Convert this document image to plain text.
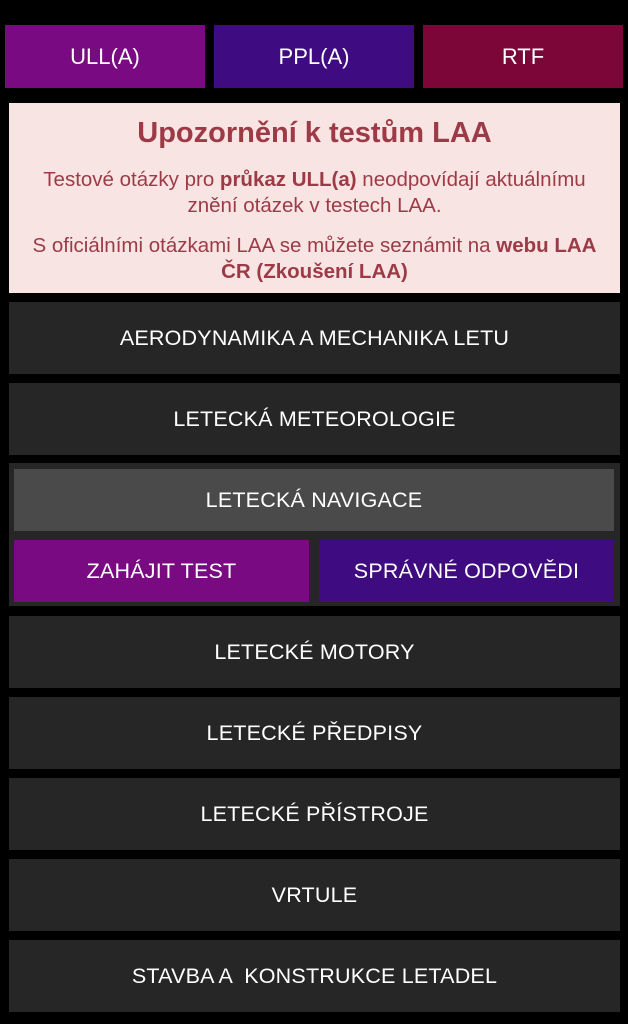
ULL(A)	PPL(A)	RTF
Upozornění k testům LAA
Testové otázky pro průkaz ULL(a) neodpovídají aktuálnímu znění otázek v testech LAA.
S oficiálními otázkami LAA se můžete seznámit na webu LAA ČR (Zkoušení LAA)
AERODYNAMIKA A MECHANIKA LETU
LETECKÁ METEOROLOGIE
LETECKÁ NAVIGACE
ZAHÁJIT TEST	SPRÁVNÉ ODPOVĚDI
LETECKÉ MOTORY
LETECKÉ PŘEDPISY
LETECKÉ PŘÍSTROJE
VRTULE
STAVBA A  KONSTRUKCE LETADEL
